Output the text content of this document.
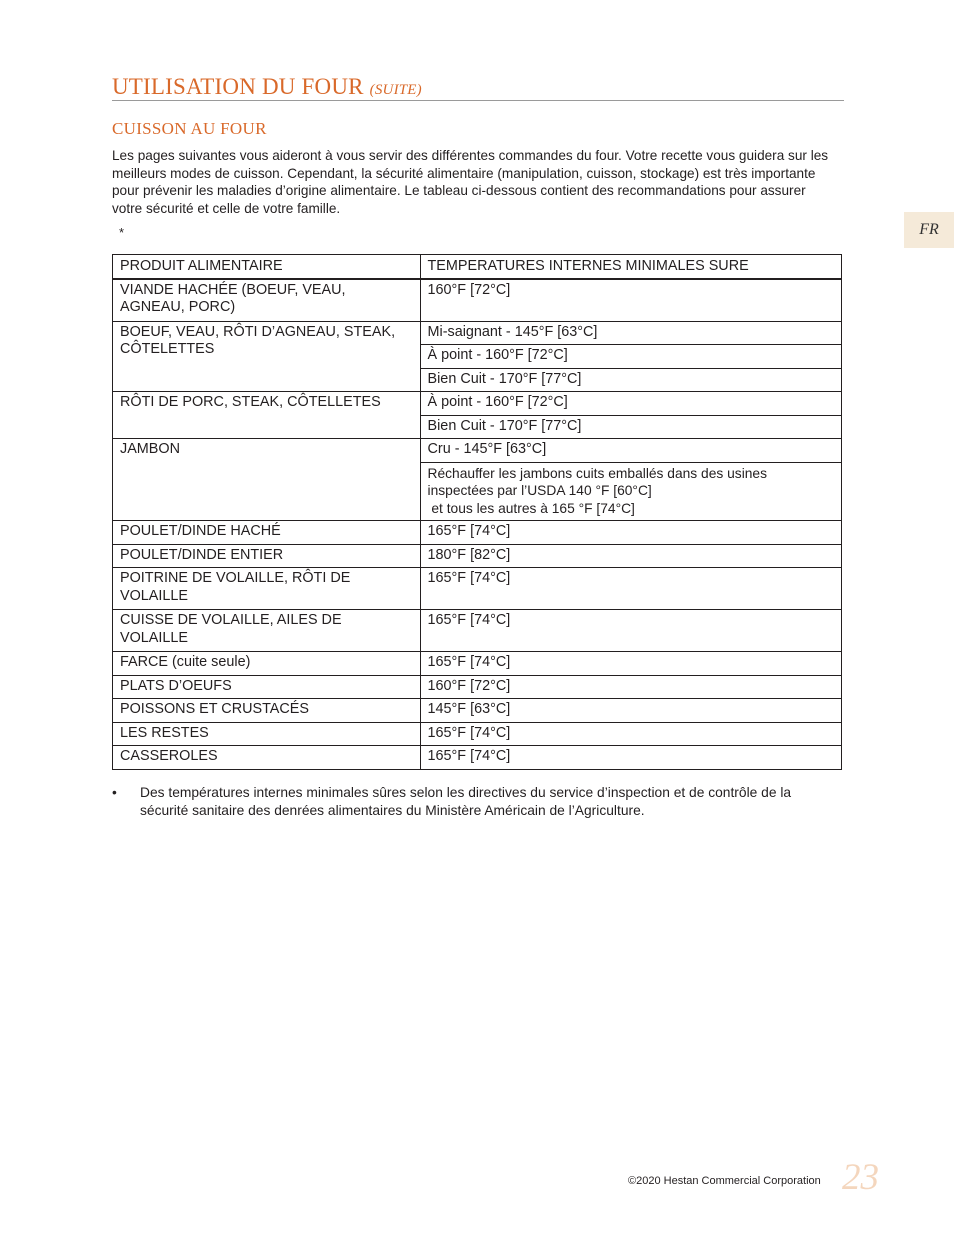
UTILISATION DU FOUR (SUITE)
CUISSON AU FOUR

Les pages suivantes vous aideront à vous servir des différentes commandes du four. Votre recette vous guidera sur les meilleurs modes de cuisson. Cependant, la sécurité alimentaire (manipulation, cuisson, stockage) est très importante pour prévenir les maladies d’origine alimentaire. Le tableau ci-dessous contient des recommandations pour assurer votre sécurité et celle de votre famille.

*	FR
PRODUIT ALIMENTAIRE	TEMPERATURES INTERNES MINIMALES SURE
VIANDE HACHÉE (BOEUF, VEAU, AGNEAU, PORC)	160°F [72°C]
BOEUF, VEAU, RÔTI D’AGNEAU, STEAK, CÔTELETTES	Mi-saignant - 145°F [63°C]
	À point - 160°F [72°C]
	Bien Cuit - 170°F [77°C]
RÔTI DE PORC, STEAK, CÔTELLETES	À point - 160°F [72°C]
	Bien Cuit - 170°F [77°C]
JAMBON	Cru - 145°F [63°C]
	Réchauffer les jambons cuits emballés dans des usines
inspectées par l’USDA 140 °F [60°C]
et tous les autres à 165 °F [74°C]
POULET/DINDE HACHÉ	165°F [74°C]
POULET/DINDE ENTIER	180°F [82°C]
POITRINE DE VOLAILLE, RÔTI DE VOLAILLE	165°F [74°C]
CUISSE DE VOLAILLE, AILES DE VOLAILLE	165°F [74°C]
FARCE (cuite seule)	165°F [74°C]
PLATS D’OEUFS	160°F [72°C]
POISSONS ET CRUSTACÉS	145°F [63°C]
LES RESTES	165°F [74°C]
CASSEROLES	165°F [74°C]
• Des températures internes minimales sûres selon les directives du service d’inspection et de contrôle de la sécurité sanitaire des denrées alimentaires du Ministère Américain de l’Agriculture.
©2020 Hestan Commercial Corporation 23
